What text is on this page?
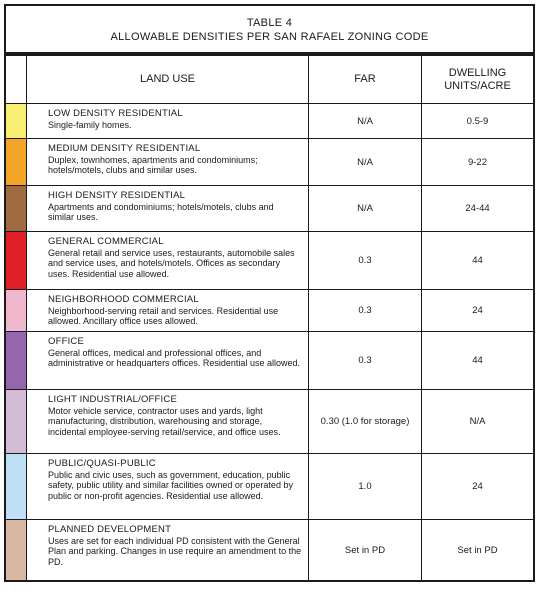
TABLE 4
ALLOWABLE DENSITIES PER SAN RAFAEL ZONING CODE
LAND USE	FAR
DWELLING
UNITS/ACRE
LOW DENSITY RESIDENTIAL
Single-family homes.	N/A	0.5-9
MEDIUM DENSITY RESIDENTIAL
Duplex, townhomes, apartments and condominiums; hotels/motels, clubs and similar uses.
N/A	9-22
HIGH DENSITY RESIDENTIAL
Apartments and condominiums; hotels/motels, clubs and similar uses.
N/A	24-44
GENERAL COMMERCIAL
General retail and service uses, restaurants, automobile sales and service uses, and hotels/motels. Offices as secondary uses. Residential use allowed.
0.3	44
NEIGHBORHOOD COMMERCIAL
Neighborhood-serving retail and services. Residential use allowed. Ancillary office uses allowed.
0.3	24
OFFICE
General offices, medical and professional offices, and administrative or headquarters offices. Residential use allowed.	0.3	44
LIGHT INDUSTRIAL/OFFICE
Motor vehicle service, contractor uses and yards, light manufacturing, distribution, warehousing and storage, incidental employee-serving retail/service, and office uses.
0.30 (1.0 for storage)	N/A
PUBLIC/QUASI-PUBLIC
Public and civic uses, such as government, education, public safety, public utility and similar facilities owned or operated by public or non-profit agencies. Residential use allowed.
1.0	24
PLANNED DEVELOPMENT
Uses are set for each individual PD consistent with the General Plan and parking. Changes in use require an amendment to the PD.
Set in PD	Set in PD
